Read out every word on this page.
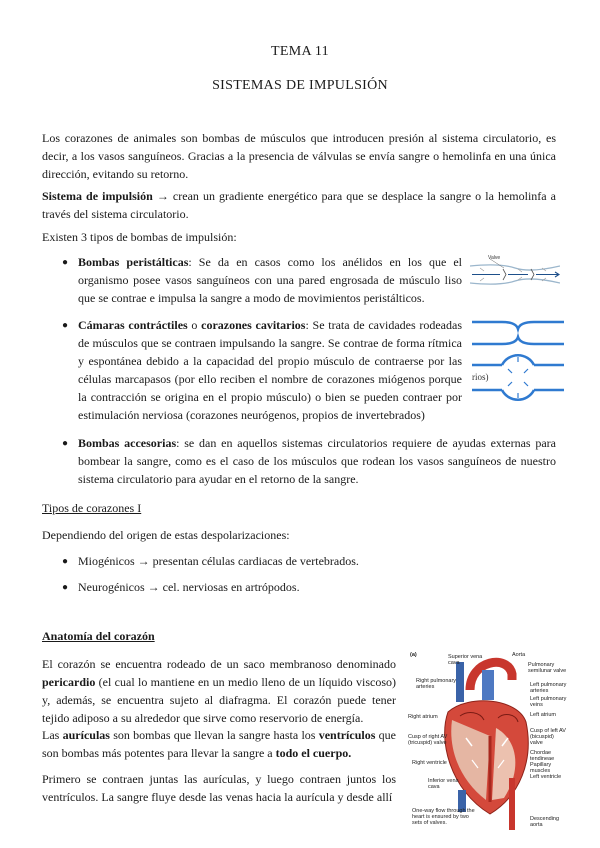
TEMA 11
SISTEMAS DE IMPULSIÓN

Los corazones de animales son bombas de músculos que introducen presión al sistema circulatorio, es decir, a los vasos sanguíneos. Gracias a la presencia de válvulas se envía sangre o hemolinfa en una única dirección, evitando su retorno.

Sistema de impulsión → crean un gradiente energético para que se desplace la sangre o la hemolinfa a través del sistema circulatorio.

Existen 3 tipos de bombas de impulsión:

● Bombas peristálticas: Se da en casos como los anélidos en los que el organismo posee vasos sanguíneos con una pared engrosada de músculo liso que se contrae e impulsa la sangre a modo de movimientos peristálticos.

● Cámaras contráctiles o corazones cavitarios: Se trata de cavidades rodeadas de músculos que se contraen impulsando la sangre. Se contrae de forma rítmica y espontánea debido a la capacidad del propio músculo de contraerse por las células marcapasos (por ello reciben el nombre de corazones miógenos porque la contracción se origina en el propio músculo) o bien se pueden contraer por estimulación nerviosa (corazones neurógenos, propios de invertebrados)

● Bombas accesorias: se dan en aquellos sistemas circulatorios requiere de ayudas externas para bombear la sangre, como es el caso de los músculos que rodean los vasos sanguíneos de nuestro sistema circulatorio para ayudar en el retorno de la sangre.

Valve
rios)

Tipos de corazones I

Dependiendo del origen de estas despolarizaciones:

● Miogénicos → presentan células cardiacas de vertebrados.

● Neurogénicos → cel. nerviosas en artrópodos.

Anatomía del corazón

El corazón se encuentra rodeado de un saco membranoso denominado pericardio (el cual lo mantiene en un medio lleno de un líquido viscoso) y, además, se encuentra sujeto al diafragma. El corazón puede tener tejido adiposo a su alrededor que sirve como reservorio de energía.

Las aurículas son bombas que llevan la sangre hasta los ventrículos que son bombas más potentes para llevar la sangre a todo el cuerpo.

Primero se contraen juntas las aurículas, y luego contraen juntos los ventrículos. La sangre fluye desde las venas hacia la aurícula y desde allí

(a)	Superior vena cava
Right pulmonary arteries
Right atrium
Cusp of right AV (tricuspid) valve
Right ventricle
Inferior vena cava
Aorta
Pulmonary semilunar valve
Left pulmonary arteries
Left pulmonary veins
Left atrium
Cusp of left AV (bicuspid) valve
Chordae tendineae
Papillary muscles
Left ventricle
Descending aorta
One-way flow through the heart is ensured by two sets of valves.
